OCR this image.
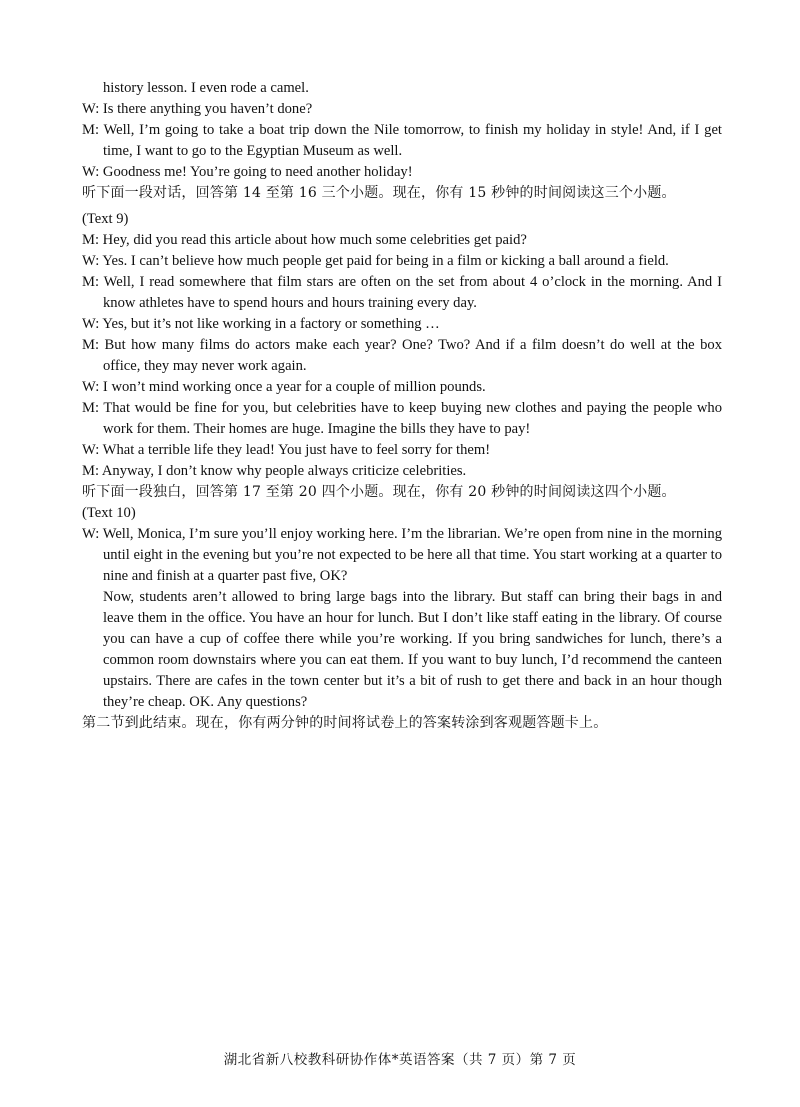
history lesson. I even rode a camel.
W: Is there anything you haven’t done?
M: Well, I’m going to take a boat trip down the Nile tomorrow, to finish my holiday in style! And, if I get time, I want to go to the Egyptian Museum as well.
W: Goodness me! You’re going to need another holiday!
听下面一段对话，回答第 14 至第 16 三个小题。现在，你有 15 秒钟的时间阅读这三个小题。
(Text 9)
M: Hey, did you read this article about how much some celebrities get paid?
W: Yes. I can’t believe how much people get paid for being in a film or kicking a ball around a field.
M: Well, I read somewhere that film stars are often on the set from about 4 o’clock in the morning. And I know athletes have to spend hours and hours training every day.
W: Yes, but it’s not like working in a factory or something …
M: But how many films do actors make each year? One? Two? And if a film doesn’t do well at the box office, they may never work again.
W: I won’t mind working once a year for a couple of million pounds.
M: That would be fine for you, but celebrities have to keep buying new clothes and paying the people who work for them. Their homes are huge. Imagine the bills they have to pay!
W: What a terrible life they lead! You just have to feel sorry for them!
M: Anyway, I don’t know why people always criticize celebrities.
听下面一段独白，回答第 17 至第 20 四个小题。现在，你有 20 秒钟的时间阅读这四个小题。
(Text 10)
W: Well, Monica, I’m sure you’ll enjoy working here. I’m the librarian. We’re open from nine in the morning until eight in the evening but you’re not expected to be here all that time. You start working at a quarter to nine and finish at a quarter past five, OK?
Now, students aren’t allowed to bring large bags into the library. But staff can bring their bags in and leave them in the office. You have an hour for lunch. But I don’t like staff eating in the library. Of course you can have a cup of coffee there while you’re working. If you bring sandwiches for lunch, there’s a common room downstairs where you can eat them. If you want to buy lunch, I’d recommend the canteen upstairs. There are cafes in the town center but it’s a bit of rush to get there and back in an hour though they’re cheap. OK. Any questions?
第二节到此结束。现在，你有两分钟的时间将试卷上的答案转涂到客观题答题卡上。
湖北省新八校教科研协作体*英语答案（共 7 页）第 7 页
